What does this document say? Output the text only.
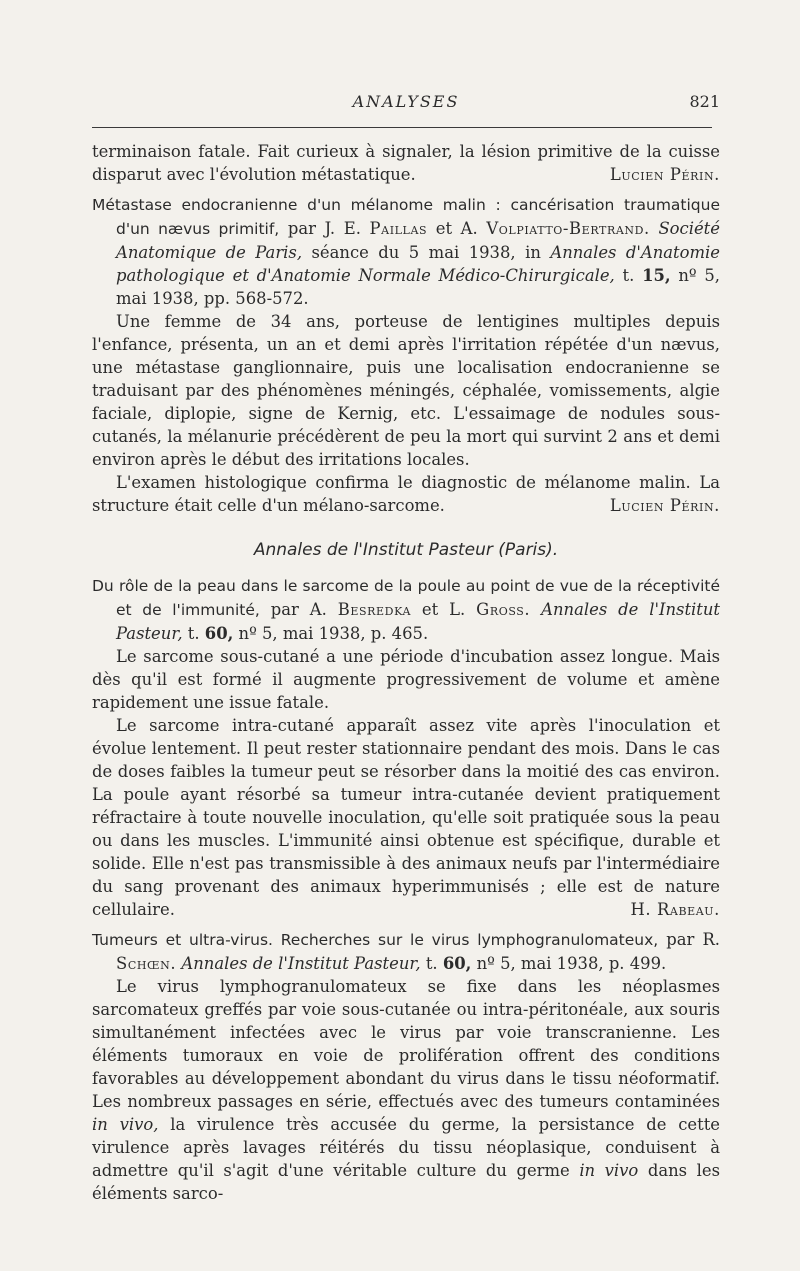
ANALYSES	821

terminaison fatale. Fait curieux à signaler, la lésion primitive de la cuisse disparut avec l'évolution métastatique.	Lucien Périn.

Métastase endocranienne d'un mélanome malin : cancérisation traumatique d'un nævus primitif, par J. E. Paillas et A. Volpiatto-Bertrand. Société Anatomique de Paris, séance du 5 mai 1938, in Annales d'Anatomie pathologique et d'Anatomie Normale Médico-Chirurgicale, t. 15, nº 5, mai 1938, pp. 568-572.

Une femme de 34 ans, porteuse de lentigines multiples depuis l'enfance, présenta, un an et demi après l'irritation répétée d'un nævus, une métastase ganglionnaire, puis une localisation endocranienne se traduisant par des phénomènes méningés, céphalée, vomissements, algie faciale, diplopie, signe de Kernig, etc. L'essaimage de nodules sous-cutanés, la mélanurie précédèrent de peu la mort qui survint 2 ans et demi environ après le début des irritations locales.

L'examen histologique confirma le diagnostic de mélanome malin. La structure était celle d'un mélano-sarcome.	Lucien Périn.

Annales de l'Institut Pasteur (Paris).

Du rôle de la peau dans le sarcome de la poule au point de vue de la réceptivité et de l'immunité, par A. Besredka et L. Gross. Annales de l'Institut Pasteur, t. 60, nº 5, mai 1938, p. 465.

Le sarcome sous-cutané a une période d'incubation assez longue. Mais dès qu'il est formé il augmente progressivement de volume et amène rapidement une issue fatale.

Le sarcome intra-cutané apparaît assez vite après l'inoculation et évolue lentement. Il peut rester stationnaire pendant des mois. Dans le cas de doses faibles la tumeur peut se résorber dans la moitié des cas environ. La poule ayant résorbé sa tumeur intra-cutanée devient pratiquement réfractaire à toute nouvelle inoculation, qu'elle soit pratiquée sous la peau ou dans les muscles. L'immunité ainsi obtenue est spécifique, durable et solide. Elle n'est pas transmissible à des animaux neufs par l'intermédiaire du sang provenant des animaux hyperimmunisés ; elle est de nature cellulaire.	H. Rabeau.

Tumeurs et ultra-virus. Recherches sur le virus lymphogranulomateux, par R. Schœn. Annales de l'Institut Pasteur, t. 60, nº 5, mai 1938, p. 499.

Le virus lymphogranulomateux se fixe dans les néoplasmes sarcomateux greffés par voie sous-cutanée ou intra-péritonéale, aux souris simultanément infectées avec le virus par voie transcranienne. Les éléments tumoraux en voie de prolifération offrent des conditions favorables au développement abondant du virus dans le tissu néoformatif. Les nombreux passages en série, effectués avec des tumeurs contaminées in vivo, la virulence très accusée du germe, la persistance de cette virulence après lavages réitérés du tissu néoplasique, conduisent à admettre qu'il s'agit d'une véritable culture du germe in vivo dans les éléments sarco-
